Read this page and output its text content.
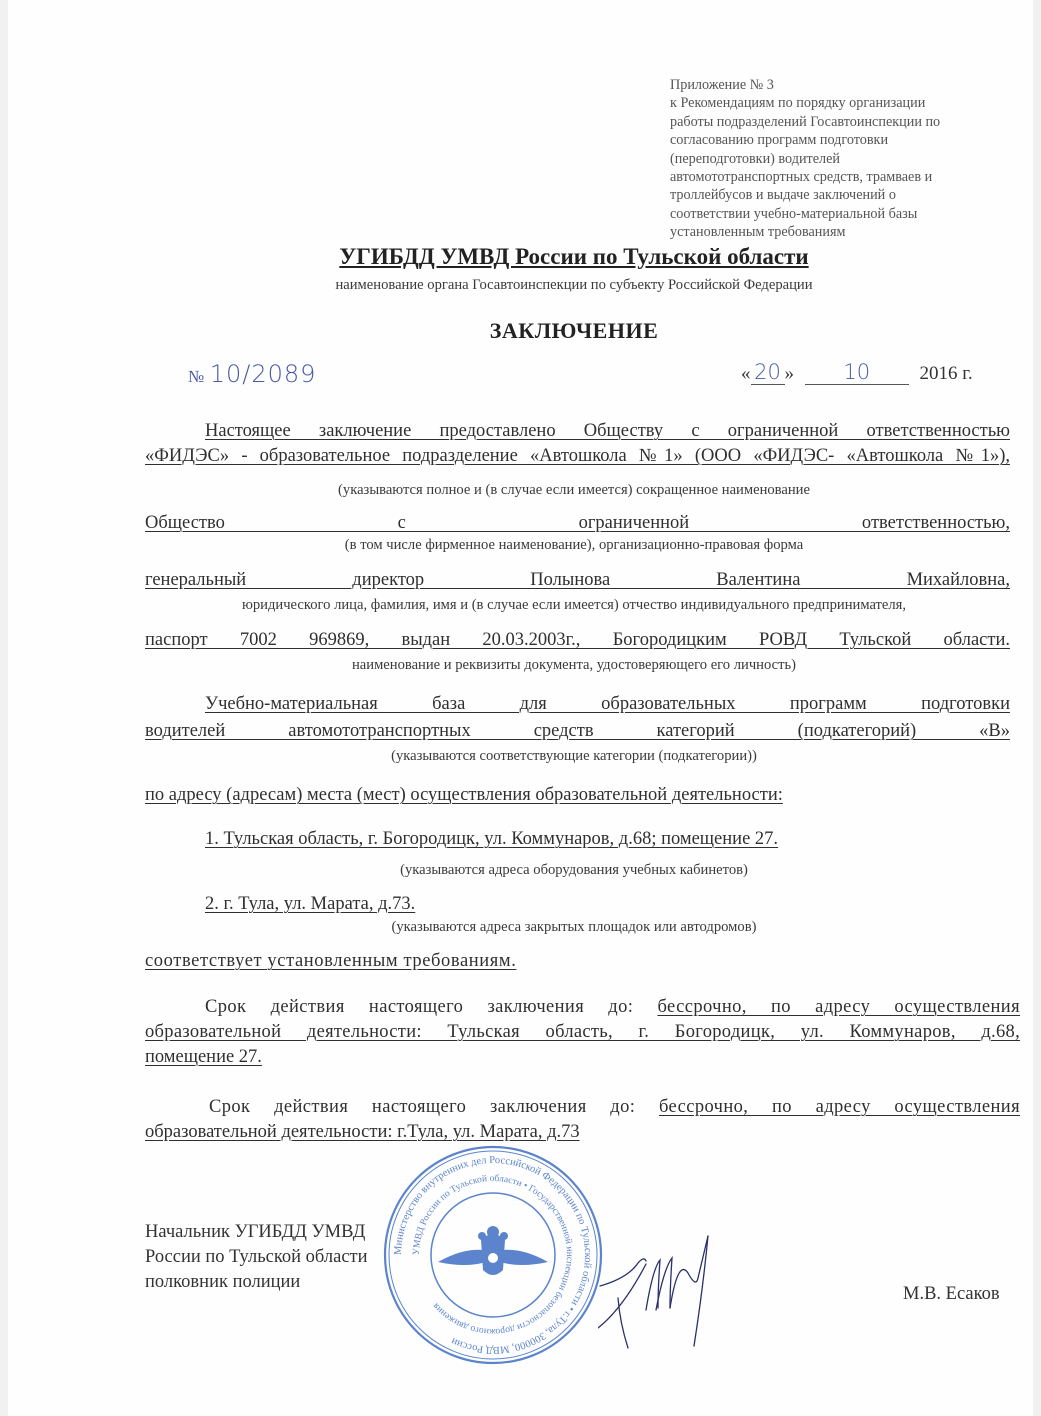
Приложение № 3
к Рекомендациям по порядку организации
работы подразделений Госавтоинспекции по
согласованию программ подготовки
(переподготовки) водителей
автомототранспортных средств, трамваев и
троллейбусов и выдаче заключений о
соответствии учебно-материальной базы
установленным требованиям
УГИБДД УМВД России по Тульской области
наименование органа Госавтоинспекции по субъекту Российской Федерации
ЗАКЛЮЧЕНИЕ
№ 10/2089	« 20 » 10	2016 г.
Настоящее заключение предоставлено Обществу с ограниченной ответственностью
«ФИДЭС» - образовательное подразделение «Автошкола №1» (ООО «ФИДЭС- «Автошкола №1»),
(указываются полное и (в случае если имеется) сокращенное наименование
Общество с ограниченной ответственностью,
(в том числе фирменное наименование), организационно-правовая форма
генеральный директор Полынова Валентина Михайловна,
юридического лица, фамилия, имя и (в случае если имеется) отчество индивидуального предпринимателя,
паспорт 7002 969869, выдан 20.03.2003г., Богородицким РОВД Тульской области.
наименование и реквизиты документа, удостоверяющего его личность)
Учебно-материальная база для образовательных программ подготовки
водителей автомототранспортных средств категорий (подкатегорий) «В»
(указываются соответствующие категории (подкатегории))
по адресу (адресам) места (мест) осуществления образовательной деятельности:
1. Тульская область, г. Богородицк, ул. Коммунаров, д.68; помещение 27.
(указываются адреса оборудования учебных кабинетов)
2. г. Тула, ул. Марата, д.73.
(указываются адреса закрытых площадок или автодромов)
соответствует установленным требованиям.
Срок действия настоящего заключения до: бессрочно, по адресу осуществления
образовательной деятельности: Тульская область, г. Богородицк, ул. Коммунаров, д.68,
помещение 27.
Срок действия настоящего заключения до: бессрочно, по адресу осуществления
образовательной деятельности: г.Тула, ул. Марата, д.73
Начальник УГИБДД УМВД
России по Тульской области
полковник полиции
М.В. Есаков
Министерство внутренних дел Российской Федерации по Тульской области • г.Тула, 300000, МВД России
УМВД России по Тульской области • Государственной инспекции безопасности дорожного движения
